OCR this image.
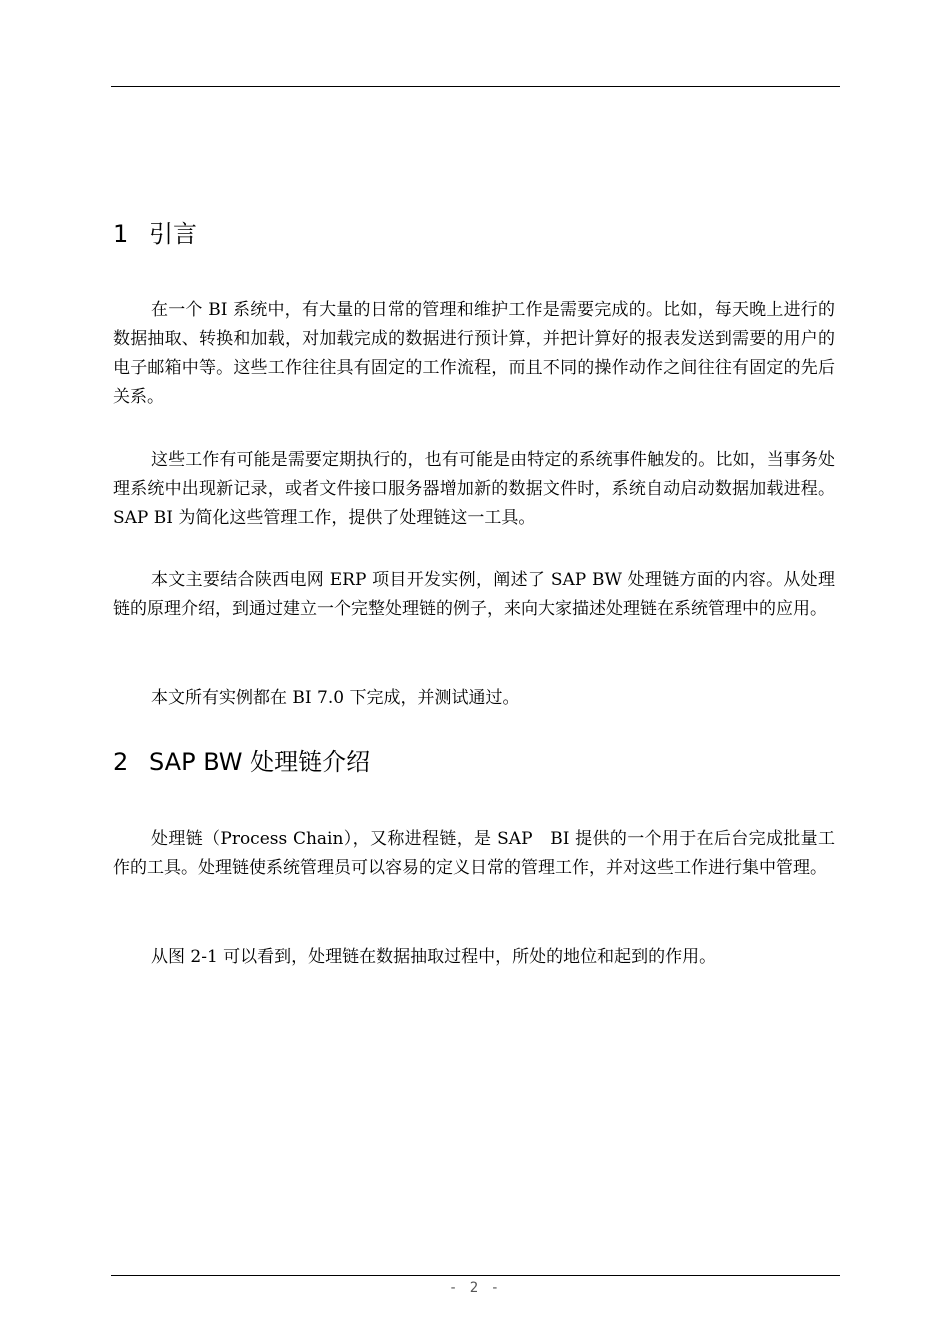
1 引言

在一个 BI 系统中，有大量的日常的管理和维护工作是需要完成的。比如，每天晚上进行的数据抽取、转换和加载，对加载完成的数据进行预计算，并把计算好的报表发送到需要的用户的电子邮箱中等。这些工作往往具有固定的工作流程，而且不同的操作动作之间往往有固定的先后关系。

这些工作有可能是需要定期执行的，也有可能是由特定的系统事件触发的。比如，当事务处理系统中出现新记录，或者文件接口服务器增加新的数据文件时，系统自动启动数据加载进程。SAP BI 为简化这些管理工作，提供了处理链这一工具。

本文主要结合陕西电网 ERP 项目开发实例，阐述了 SAP BW 处理链方面的内容。从处理链的原理介绍，到通过建立一个完整处理链的例子，来向大家描述处理链在系统管理中的应用。

本文所有实例都在 BI 7.0 下完成，并测试通过。

2 SAP BW 处理链介绍

处理链（Process Chain），又称进程链，是 SAP　BI 提供的一个用于在后台完成批量工作的工具。处理链使系统管理员可以容易的定义日常的管理工作，并对这些工作进行集中管理。

从图 2-1 可以看到，处理链在数据抽取过程中，所处的地位和起到的作用。

- 2 -
